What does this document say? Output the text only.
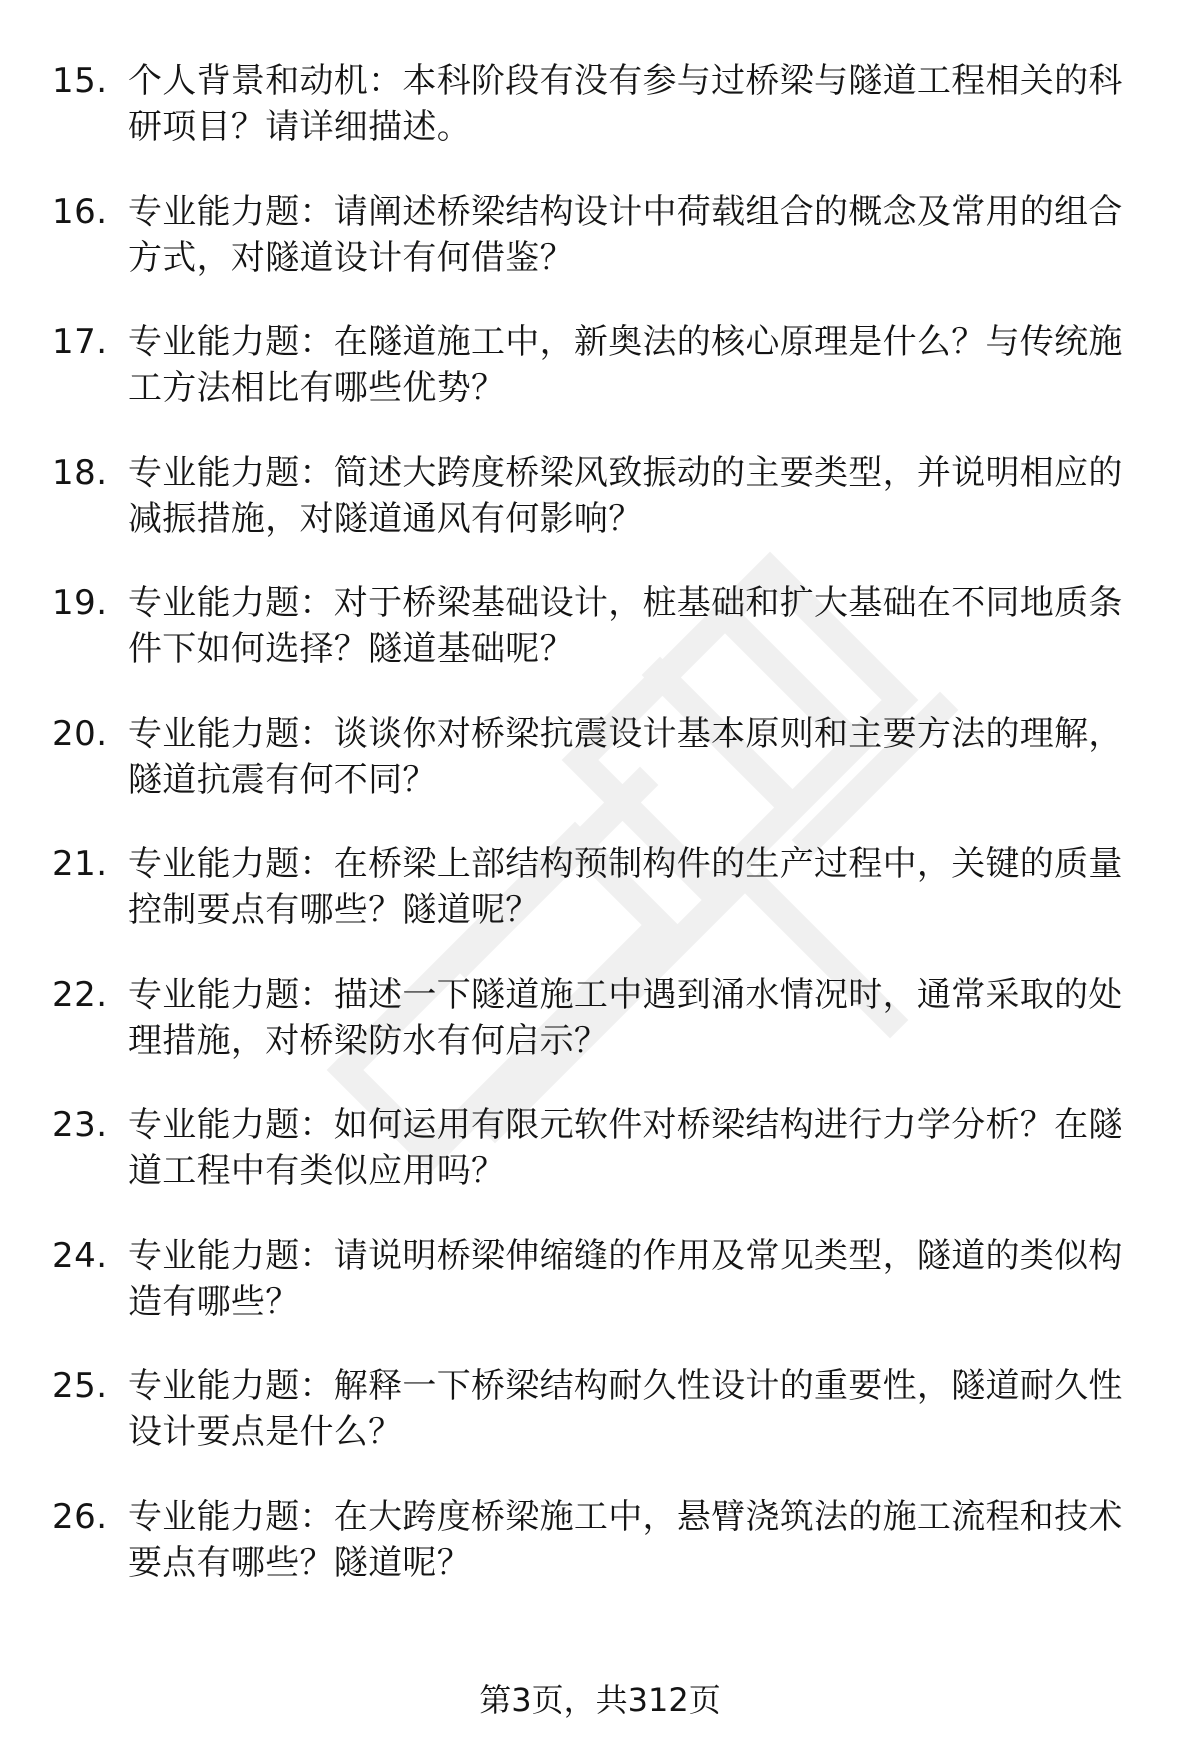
15. 个人背景和动机：本科阶段有没有参与过桥梁与隧道工程相关的科研项目？请详细描述。
16. 专业能力题：请阐述桥梁结构设计中荷载组合的概念及常用的组合方式，对隧道设计有何借鉴？
17. 专业能力题：在隧道施工中，新奥法的核心原理是什么？与传统施工方法相比有哪些优势？
18. 专业能力题：简述大跨度桥梁风致振动的主要类型，并说明相应的减振措施，对隧道通风有何影响？
19. 专业能力题：对于桥梁基础设计，桩基础和扩大基础在不同地质条件下如何选择？隧道基础呢？
20. 专业能力题：谈谈你对桥梁抗震设计基本原则和主要方法的理解，隧道抗震有何不同？
21. 专业能力题：在桥梁上部结构预制构件的生产过程中，关键的质量控制要点有哪些？隧道呢？
22. 专业能力题：描述一下隧道施工中遇到涌水情况时，通常采取的处理措施，对桥梁防水有何启示？
23. 专业能力题：如何运用有限元软件对桥梁结构进行力学分析？在隧道工程中有类似应用吗？
24. 专业能力题：请说明桥梁伸缩缝的作用及常见类型，隧道的类似构造有哪些？
25. 专业能力题：解释一下桥梁结构耐久性设计的重要性，隧道耐久性设计要点是什么？
26. 专业能力题：在大跨度桥梁施工中，悬臂浇筑法的施工流程和技术要点有哪些？隧道呢？
第3页，共312页
